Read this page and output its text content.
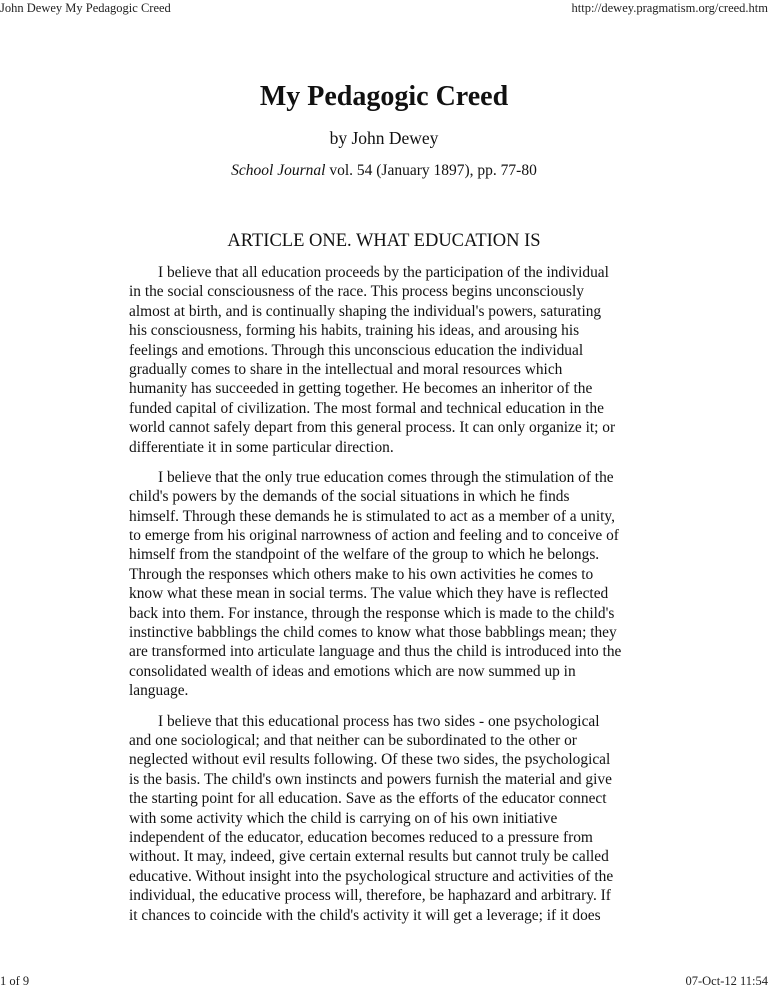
John Dewey My Pedagogic Creed	http://dewey.pragmatism.org/creed.htm
My Pedagogic Creed
by John Dewey
School Journal vol. 54 (January 1897), pp. 77-80
ARTICLE ONE. WHAT EDUCATION IS

I believe that all education proceeds by the participation of the individual
in the social consciousness of the race. This process begins unconsciously
almost at birth, and is continually shaping the individual's powers, saturating
his consciousness, forming his habits, training his ideas, and arousing his
feelings and emotions. Through this unconscious education the individual
gradually comes to share in the intellectual and moral resources which
humanity has succeeded in getting together. He becomes an inheritor of the
funded capital of civilization. The most formal and technical education in the
world cannot safely depart from this general process. It can only organize it; or
differentiate it in some particular direction.

I believe that the only true education comes through the stimulation of the
child's powers by the demands of the social situations in which he finds
himself. Through these demands he is stimulated to act as a member of a unity,
to emerge from his original narrowness of action and feeling and to conceive of
himself from the standpoint of the welfare of the group to which he belongs.
Through the responses which others make to his own activities he comes to
know what these mean in social terms. The value which they have is reflected
back into them. For instance, through the response which is made to the child's
instinctive babblings the child comes to know what those babblings mean; they
are transformed into articulate language and thus the child is introduced into the
consolidated wealth of ideas and emotions which are now summed up in
language.

I believe that this educational process has two sides - one psychological
and one sociological; and that neither can be subordinated to the other or
neglected without evil results following. Of these two sides, the psychological
is the basis. The child's own instincts and powers furnish the material and give
the starting point for all education. Save as the efforts of the educator connect
with some activity which the child is carrying on of his own initiative
independent of the educator, education becomes reduced to a pressure from
without. It may, indeed, give certain external results but cannot truly be called
educative. Without insight into the psychological structure and activities of the
individual, the educative process will, therefore, be haphazard and arbitrary. If
it chances to coincide with the child's activity it will get a leverage; if it does

1 of 9	07-Oct-12 11:54
